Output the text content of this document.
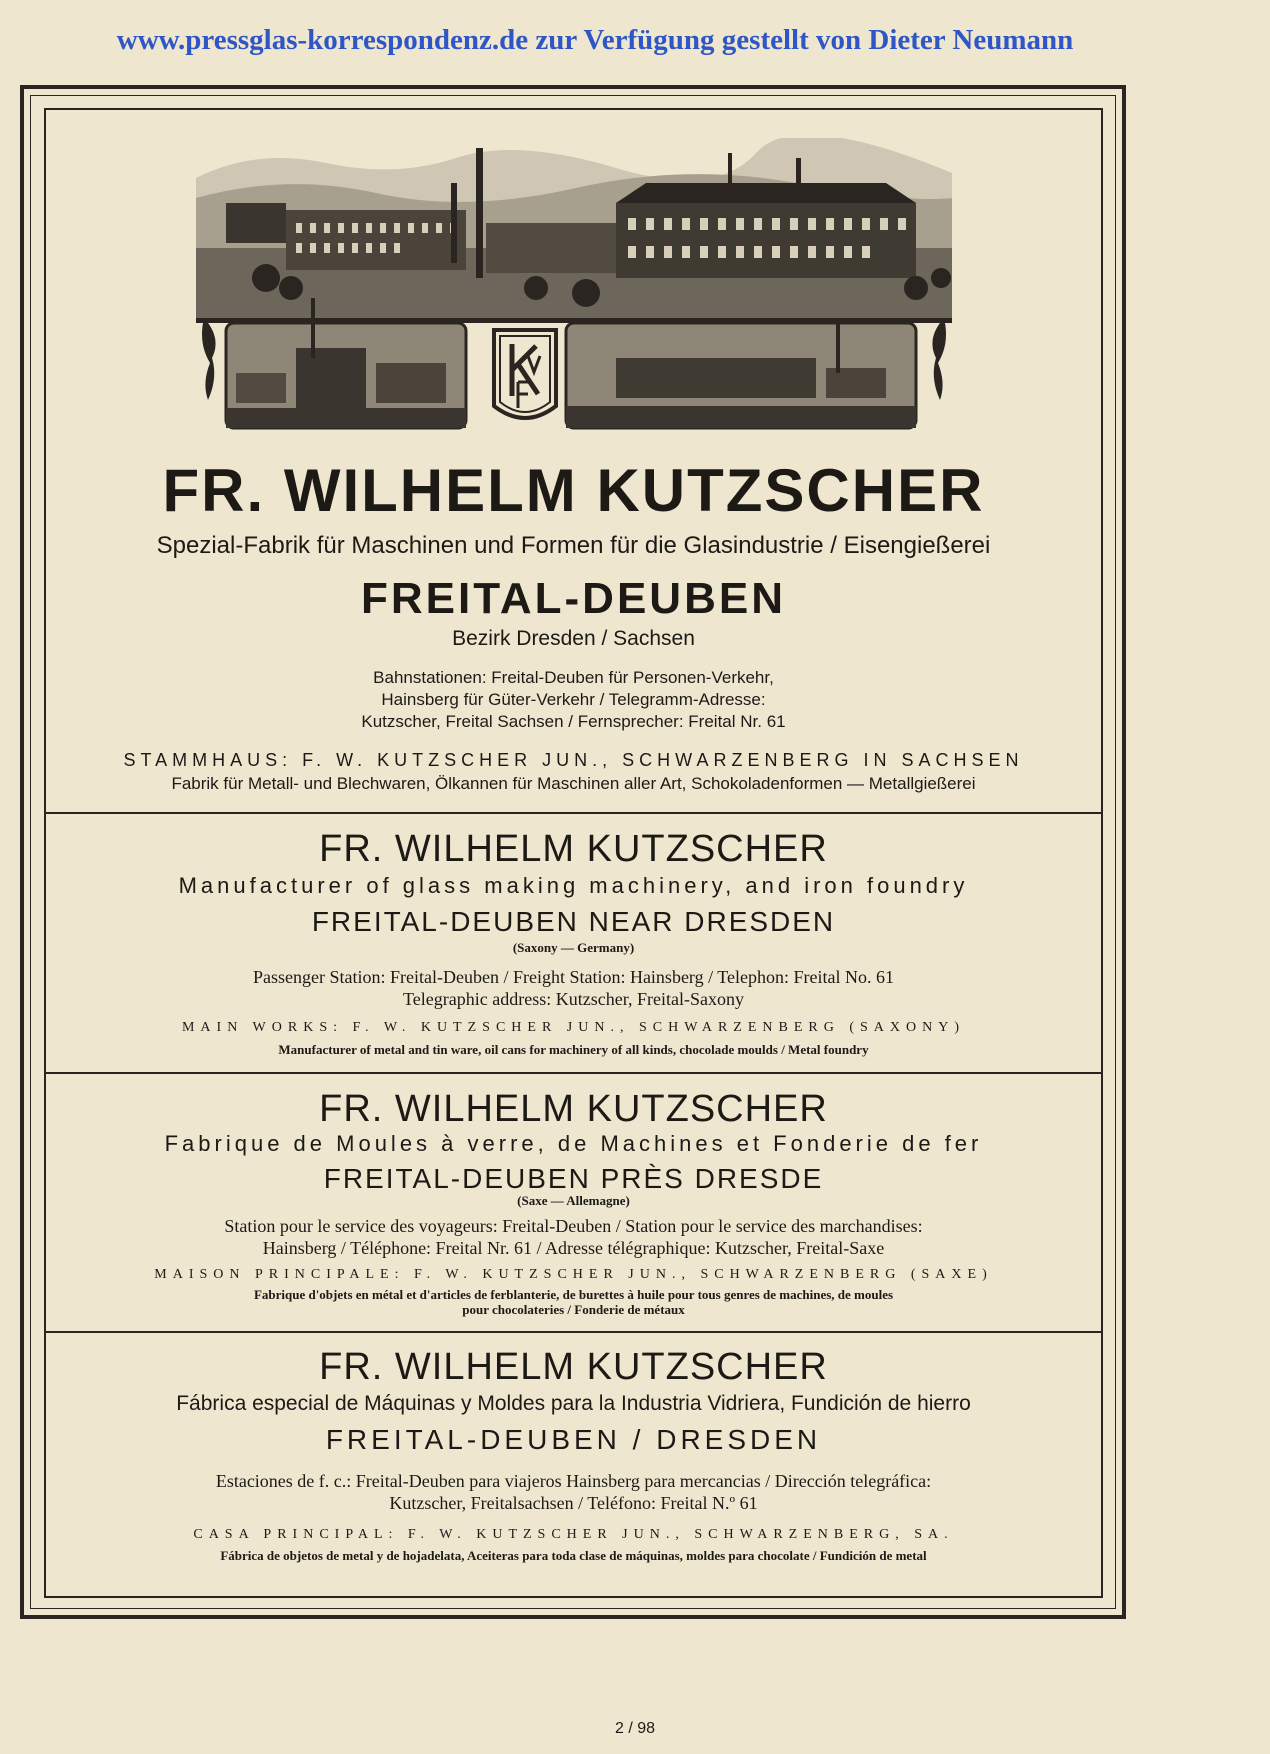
www.pressglas-korrespondenz.de zur Verfügung gestellt von Dieter Neumann

FR. WILHELM KUTZSCHER

Spezial-Fabrik für Maschinen und Formen für die Glasindustrie / Eisengießerei

FREITAL-DEUBEN

Bezirk Dresden / Sachsen

Bahnstationen: Freital-Deuben für Personen-Verkehr,

Hainsberg für Güter-Verkehr / Telegramm-Adresse:

Kutzscher, Freital Sachsen / Fernsprecher: Freital Nr. 61

STAMMHAUS: F. W. KUTZSCHER JUN., SCHWARZENBERG IN SACHSEN

Fabrik für Metall- und Blechwaren, Ölkannen für Maschinen aller Art, Schokoladenformen — Metallgießerei

FR. WILHELM KUTZSCHER

Manufacturer of glass making machinery, and iron foundry

FREITAL-DEUBEN NEAR DRESDEN

(Saxony — Germany)

Passenger Station: Freital-Deuben / Freight Station: Hainsberg / Telephon: Freital No. 61

Telegraphic address: Kutzscher, Freital-Saxony

MAIN WORKS: F. W. KUTZSCHER JUN., SCHWARZENBERG (SAXONY)

Manufacturer of metal and tin ware, oil cans for machinery of all kinds, chocolade moulds / Metal foundry

FR. WILHELM KUTZSCHER

Fabrique de Moules à verre, de Machines et Fonderie de fer

FREITAL-DEUBEN PRÈS DRESDE

(Saxe — Allemagne)

Station pour le service des voyageurs: Freital-Deuben / Station pour le service des marchandises:

Hainsberg / Téléphone: Freital Nr. 61 / Adresse télégraphique: Kutzscher, Freital-Saxe

MAISON PRINCIPALE: F. W. KUTZSCHER JUN., SCHWARZENBERG (SAXE)

Fabrique d'objets en métal et d'articles de ferblanterie, de burettes à huile pour tous genres de machines, de moules

pour chocolateries / Fonderie de métaux

FR. WILHELM KUTZSCHER

Fábrica especial de Máquinas y Moldes para la Industria Vidriera, Fundición de hierro

FREITAL-DEUBEN / DRESDEN

Estaciones de f. c.: Freital-Deuben para viajeros Hainsberg para mercancias / Dirección telegráfica:

Kutzscher, Freitalsachsen / Teléfono: Freital N.º 61

CASA PRINCIPAL: F. W. KUTZSCHER JUN., SCHWARZENBERG, SA.

Fábrica de objetos de metal y de hojadelata, Aceiteras para toda clase de máquinas, moldes para chocolate / Fundición de metal

2 / 98
